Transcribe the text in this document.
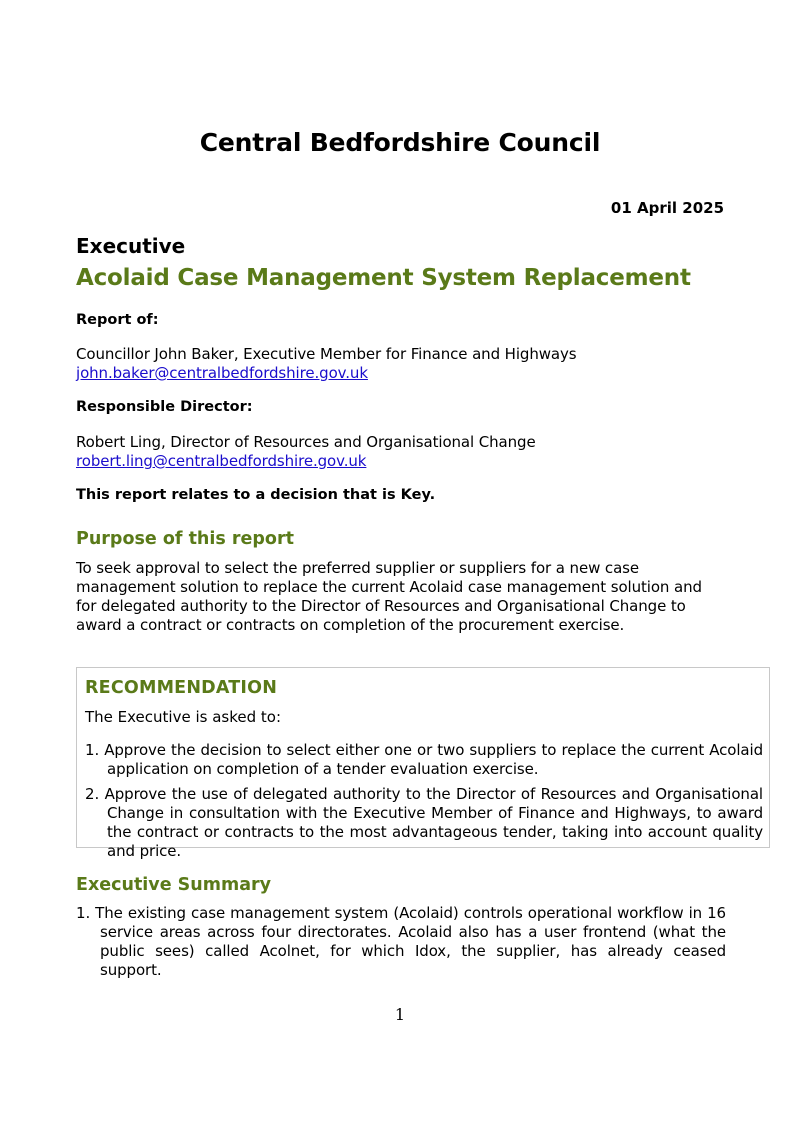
Central Bedfordshire Council

01 April 2025

Executive
Acolaid Case Management System Replacement

Report of:

Councillor John Baker, Executive Member for Finance and Highways

john.baker@centralbedfordshire.gov.uk

Responsible Director:

Robert Ling, Director of Resources and Organisational Change

robert.ling@centralbedfordshire.gov.uk

This report relates to a decision that is Key.

Purpose of this report

To seek approval to select the preferred supplier or suppliers for a new case management solution to replace the current Acolaid case management solution and for delegated authority to the Director of Resources and Organisational Change to award a contract or contracts on completion of the procurement exercise.

RECOMMENDATION

The Executive is asked to:

1. Approve the decision to select either one or two suppliers to replace the current Acolaid application on completion of a tender evaluation exercise.
2. Approve the use of delegated authority to the Director of Resources and Organisational Change in consultation with the Executive Member of Finance and Highways, to award the contract or contracts to the most advantageous tender, taking into account quality and price.
Executive Summary
1. The existing case management system (Acolaid) controls operational workflow in 16 service areas across four directorates. Acolaid also has a user frontend (what the public sees) called Acolnet, for which Idox, the supplier, has already ceased support.

1
